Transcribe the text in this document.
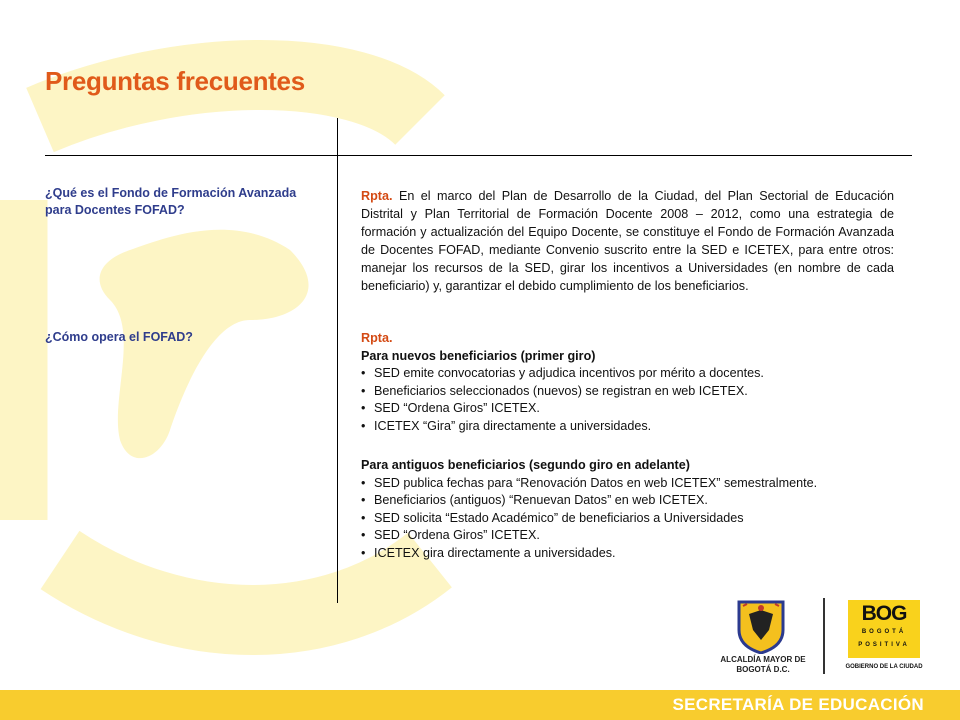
Preguntas frecuentes
¿Qué es el Fondo de Formación Avanzada para Docentes FOFAD?
¿Cómo opera el FOFAD?
Rpta. En el marco del Plan de Desarrollo de la Ciudad, del Plan Sectorial de Educación Distrital y Plan Territorial de Formación Docente 2008 – 2012, como una estrategia de formación y actualización del Equipo Docente, se constituye el Fondo de Formación Avanzada de Docentes FOFAD, mediante Convenio suscrito entre la SED e ICETEX, para entre otros: manejar los recursos de la SED, girar los incentivos a Universidades (en nombre de cada beneficiario) y, garantizar el debido cumplimiento de los beneficiarios.
Rpta.
Para nuevos beneficiarios (primer giro)
• SED emite convocatorias y adjudica incentivos por mérito a docentes.
• Beneficiarios seleccionados (nuevos) se registran en web ICETEX.
• SED “Ordena Giros” ICETEX.
• ICETEX “Gira” gira directamente a universidades.
Para antiguos beneficiarios (segundo giro en adelante)
• SED publica fechas para “Renovación Datos en web ICETEX” semestralmente.
• Beneficiarios (antiguos) “Renuevan Datos” en web ICETEX.
• SED solicita “Estado Académico” de beneficiarios a Universidades
• SED “Ordena Giros” ICETEX.
• ICETEX gira directamente a universidades.
ALCALDÍA MAYOR DE BOGOTÁ D.C.
BOG
BOGOTÁ
POSITIVA
GOBIERNO DE LA CIUDAD
SECRETARÍA DE EDUCACIÓN
